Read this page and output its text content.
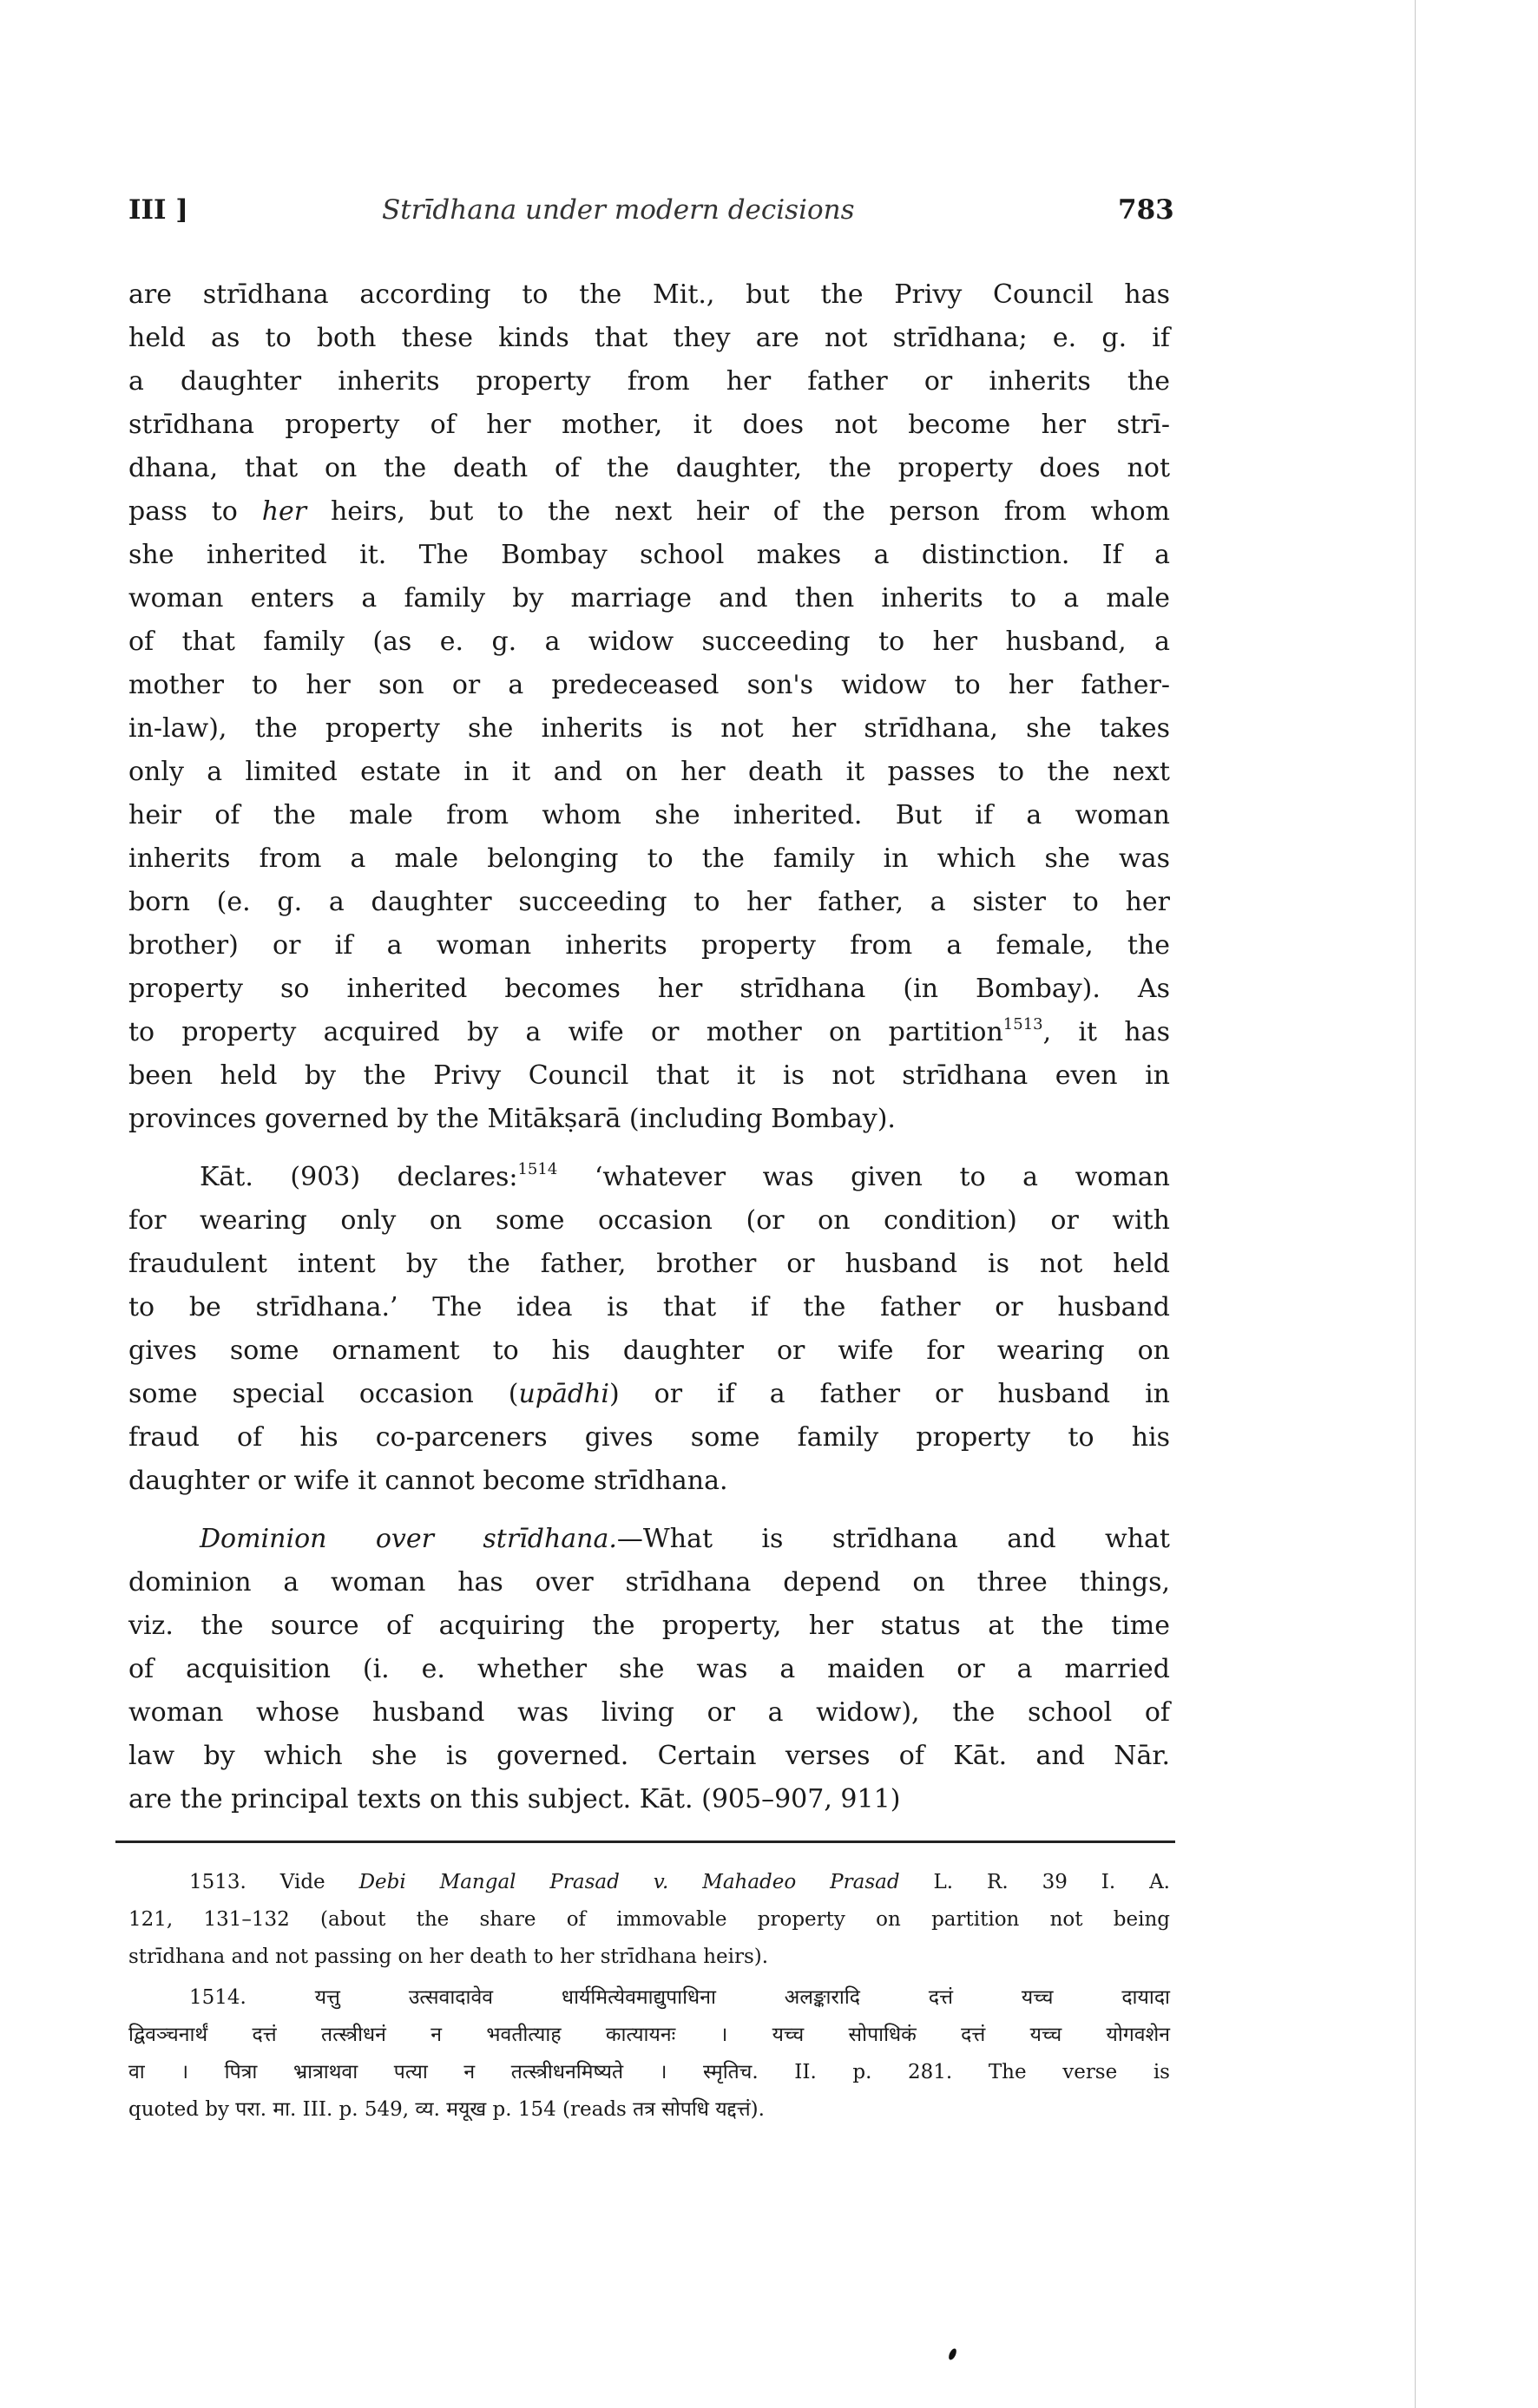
III ]	Strīdhana under modern decisions	783
are strīdhana according to the Mit., but the Privy Council has
held as to both these kinds that they are not strīdhana; e. g. if
a daughter inherits property from her father or inherits the
strīdhana property of her mother, it does not become her strī-
dhana, that on the death of the daughter, the property does not
pass to her heirs, but to the next heir of the person from whom
she inherited it. The Bombay school makes a distinction. If a
woman enters a family by marriage and then inherits to a male
of that family (as e. g. a widow succeeding to her husband, a
mother to her son or a predeceased son's widow to her father-
in-law), the property she inherits is not her strīdhana, she takes
only a limited estate in it and on her death it passes to the next
heir of the male from whom she inherited. But if a woman
inherits from a male belonging to the family in which she was
born (e. g. a daughter succeeding to her father, a sister to her
brother) or if a woman inherits property from a female, the
property so inherited becomes her strīdhana (in Bombay). As
to property acquired by a wife or mother on partition$^{1513}$, it has
been held by the Privy Council that it is not strīdhana even in
provinces governed by the Mitākṣarā (including Bombay).
Kāt. (903) declares:$^{1514}$ ‘whatever was given to a woman
for wearing only on some occasion (or on condition) or with
fraudulent intent by the father, brother or husband is not held
to be strīdhana.’ The idea is that if the father or husband
gives some ornament to his daughter or wife for wearing on
some special occasion (upādhi) or if a father or husband in
fraud of his co-parceners gives some family property to his
daughter or wife it cannot become strīdhana.
Dominion over strīdhana.—What is strīdhana and what
dominion a woman has over strīdhana depend on three things,
viz. the source of acquiring the property, her status at the time
of acquisition (i. e. whether she was a maiden or a married
woman whose husband was living or a widow), the school of
law by which she is governed. Certain verses of Kāt. and Nār.
are the principal texts on this subject. Kāt. (905–907, 911)
1513. Vide Debi Mangal Prasad v. Mahadeo Prasad L. R. 39 I. A.
121, 131–132 (about the share of immovable property on partition not being
strīdhana and not passing on her death to her strīdhana heirs).
1514. यत्तु उत्सवादावेव धार्यमित्येवमाद्युपाधिना अलङ्कारादि दत्तं यच्च दायादा
द्विवञ्चनार्थं दत्तं तत्स्त्रीधनं न भवतीत्याह कात्यायनः । यच्च सोपाधिकं दत्तं यच्च योगवशेन
वा । पित्रा भ्रात्राथवा पत्या न तत्स्त्रीधनमिष्यते । स्मृतिच. II. p. 281. The verse is
quoted by परा. मा. III. p. 549, व्य. मयूख p. 154 (reads तत्र सोपधि यद्दत्तं).
